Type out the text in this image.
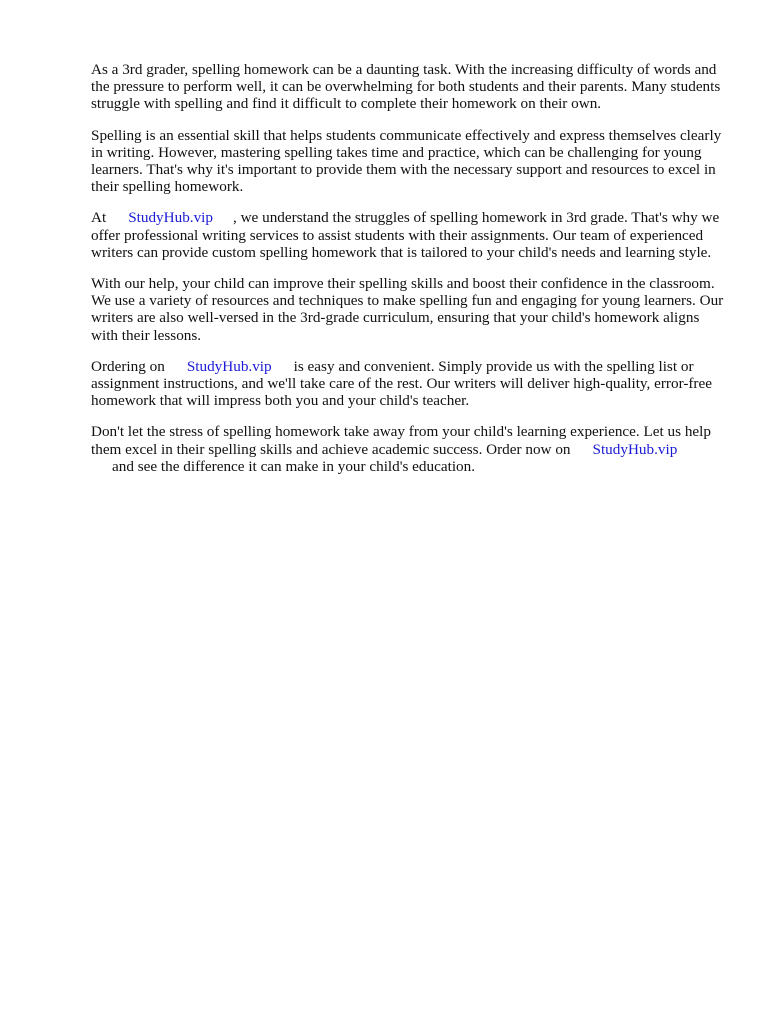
As a 3rd grader, spelling homework can be a daunting task. With the increasing difficulty of words and the pressure to perform well, it can be overwhelming for both students and their parents. Many students struggle with spelling and find it difficult to complete their homework on their own.

Spelling is an essential skill that helps students communicate effectively and express themselves clearly in writing. However, mastering spelling takes time and practice, which can be challenging for young learners. That's why it's important to provide them with the necessary support and resources to excel in their spelling homework.

At StudyHub.vip , we understand the struggles of spelling homework in 3rd grade. That's why we offer professional writing services to assist students with their assignments. Our team of experienced writers can provide custom spelling homework that is tailored to your child's needs and learning style.

With our help, your child can improve their spelling skills and boost their confidence in the classroom. We use a variety of resources and techniques to make spelling fun and engaging for young learners. Our writers are also well-versed in the 3rd-grade curriculum, ensuring that your child's homework aligns with their lessons.

Ordering on StudyHub.vip is easy and convenient. Simply provide us with the spelling list or assignment instructions, and we'll take care of the rest. Our writers will deliver high-quality, error-free homework that will impress both you and your child's teacher.

Don't let the stress of spelling homework take away from your child's learning experience. Let us help them excel in their spelling skills and achieve academic success. Order now on StudyHub.vip
and see the difference it can make in your child's education.
